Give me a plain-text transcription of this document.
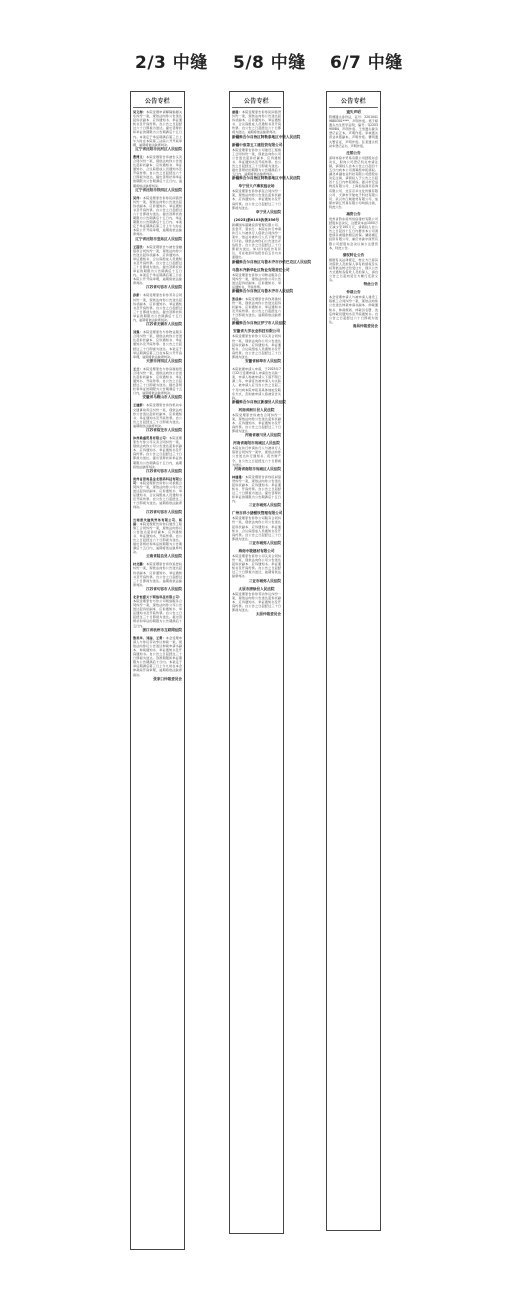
2/3 中缝 5/8 中缝 6/7 中缝
公告专栏
吴文海：本院受理申请解除婚姻关系纠纷一案，现依法向你公告送达起诉状副本、应诉通知书、举证通知书及开庭传票。自公告之日起经过六十日即视为送达。提出答辩状和举证的期限为公告期满后十五日内。本案定于举证期满后第三日上午九时在本院第三法庭公开开庭审理，逾期将依法缺席判决。
辽宁省沈阳市沈河区人民法院
曹博文：本院受理原告诉被告买卖合同纠纷一案，现依法向你公告送达起诉状副本、应诉通知书、举证通知书、合议庭组成人员通知书及开庭传票。自公告之日起经过六十日即视为送达。提出答辩状和举证的期限为公告期满后十五日内，逾期将依法缺席判决。
辽宁省沈阳市铁西区人民法院
吴伟：本院受理原告诉你民间借贷纠纷一案，现依法向你公告送达起诉状副本、应诉通知书、举证通知书及开庭传票。自公告之日起经过六十日即视为送达。提出答辩状的期限为公告期满后十五日内，举证期限为公告期满后十五日内。本案定于举证期满后第三日上午九时在本院公开开庭审理，逾期将依法缺席判决。
辽宁省沈阳市皇姑区人民法院
王国民：本院受理原告与被告金融借款合同纠纷一案，现依法向你公告送达起诉状副本、应诉通知书、举证通知书、合议庭组成人员通知书及开庭传票。自公告之日起经过三十日即视为送达。提出答辩状和举证的期限为公告期满后十五日内。本案定于举证期满后第三日在本院公开开庭审理，逾期将依法缺席判决。
江苏省句容市人民法院
孙新：本院受理原告诉你劳务合同纠纷一案，现依法向你公告送达起诉状副本、应诉通知书、举证通知书及开庭传票。自公告之日起经过三十日即视为送达。提出答辩状和举证的期限为公告期满后十五日内，逾期将依法缺席判决。
江苏省无锡市人民法院
刘强：本院受理原告与你物业服务合同纠纷一案，现依法向你公告送达起诉状副本、应诉通知书、举证通知书及开庭传票。自公告之日起经过三十日即视为送达。本案定于举证期满后第三日在本院公开开庭审理，逾期将依法缺席判决。
天津市河西区人民法院
王兰：本院受理原告与你房屋租赁合同纠纷一案，现依法向你公告送达起诉状副本、应诉通知书、举证通知书、开庭传票。自公告之日起经过三十日即视为送达。提出答辩状和举证的期限为公告期满后十五日内，逾期将依法缺席判决。
安徽省马鞍山市人民法院
王建新：本院受理原告诉你机动车交通事故责任纠纷一案，现依法向你公告送达起诉状副本、应诉通知书、举证通知书及开庭传票。自公告之日起经过三十日即视为送达。逾期将依法缺席判决。
江苏省宿迁市人民法院
沐州鼎盛贸易有限公司：本院受理原告与你公司买卖合同纠纷一案，现依法向你公司公告送达起诉状副本、应诉通知书、举证通知书及开庭传票。自公告之日起经过三十日即视为送达。提出答辩状和举证的期限为公告期满后十五日内，逾期将依法缺席判决。
江苏省句容市人民法院
贵州省思南县金北数码科技有限公司：本院受理原告诉你公司承揽合同纠纷一案，现依法向你公司公告送达起诉状副本、应诉通知书、举证通知书、合议庭组成人员通知书及开庭传票。自公告之日起经过三十日即视为送达。逾期将依法缺席判决。
江苏省句容市人民法院
云南普关建筑劳务有限公司、杨晨：本院受理原告诉你们建设工程施工合同纠纷一案，现依法向你们公告送达起诉状副本、应诉通知书、举证通知书、开庭传票。自公告之日起经过六十日即视为送达。提出答辩状和举证的期限为公告期满后十五日内，逾期将依法缺席判决。
云南省陆良县人民法院
村北鹏：本院受理原告诉你追偿权纠纷一案，现依法向你公告送达起诉状副本、应诉通知书、举证通知书及开庭传票。自公告之日起经过三十日即视为送达。逾期将依法缺席判决。
江苏省句容市人民法院
北京恒源天下网络科技有限公司：本院受理原告与你公司网络服务合同纠纷一案，现依法向你公司公告送达起诉状副本、应诉通知书、举证通知书及开庭传票。自公告之日起经过三十日即视为送达。提出答辩状和举证的期限为公告期满后十五日内。
浙江省杭州市互联网法院
鲁美华、刘丽、王勇：本会受理申请人与你们劳动争议仲裁一案，现依法向你们公告送达仲裁申请书副本、仲裁通知书、举证通知书及开庭通知书。自公告之日起经过三十日即视为送达。答辩期限和举证期限为公告期满后十日内。本案定于举证期满后第三日上午九时在本会仲裁庭开庭审理，逾期将依法缺席裁决。
张家口仲裁委员会
公告专栏
唐雄：本院受理原告诉你民间借贷纠纷一案，现依法向你公告送达起诉状副本、应诉通知书、举证通知书、合议庭组成人员通知书及开庭传票。自公告之日起经过六十日即视为送达。逾期将依法缺席判决。
新疆维吾尔自治区阿勒泰地区中级人民法院
新疆中泉第五工建投资有限公司：
本院受理原告诉你公司建设工程施工合同纠纷一案，现依法向你公司公告送达起诉状副本、应诉通知书、举证通知书及开庭传票。自公告之日起经过三十日即视为送达。提出答辩状的期限为公告期满后十五日内，逾期将依法缺席判决。
新疆维吾尔自治区阿勒泰地区中级人民法院
阜宁县大卢滩家庭农场
本院受理原告诉你承包合同纠纷一案，现依法向你公告送达起诉状副本、应诉通知书、举证通知书及开庭传票。自公告之日起经过三十日即视为送达。
阜宁县人民法院
(2025)新0103执恢356号
新疆国华富隆投资管理有限公司、张金平、蔡永红：本院在执行申请执行人与被执行人借款合同纠纷一案中，依法对被执行人名下财产进行评估，现依法向你们公告送达评估报告。自公告之日起经过三十日即视为送达。如对评估报告有异议，可在收到评估报告后五日内书面提出。
新疆维吾尔自治区乌鲁木齐市沙依巴克区人民法院
乌鲁木齐新华社区物业有限责任公司
本院受理原告诉你公司物业服务合同纠纷一案，现依法向你公司公告送达起诉状副本、应诉通知书、举证通知书、开庭传票。
新疆维吾尔自治区乌鲁木齐市人民法院
张成林：本院受理原告诉你离婚纠纷一案，现依法向你公告送达起诉状副本、应诉通知书、举证通知书及开庭传票。自公告之日起经过六十日即视为送达。逾期将依法缺席判决。
新疆维吾尔自治区伊宁市人民法院
安徽省大学农业科技有限公司
本院受理原告诉你公司买卖合同纠纷一案，现依法向你公司公告送达起诉状副本、应诉通知书、举证通知书、合议庭组成人员通知书及开庭传票。自公告之日起经过三十日即视为送达。
安徽省蚌埠市人民法院
本院依据申请人申请，于2025年7月22日受理申请人申请宣告失踪一案，申请人称被申请人下落不明已满二年，申请宣告被申请人为失踪人。被申请人应当自公告之日起三个月内向本院申报其具体地址及联系方式，否则被申请人将被宣告失踪。
新疆维吾尔自治区新源县人民法院
河南省淅川县人民法院
本院受理原告诉被告合同纠纷一案，现依法向你公告送达起诉状副本、应诉通知书、举证通知书及开庭传票。自公告之日起经过三十日即视为送达。
河南省淅川县人民法院
河南省南阳市宛城区人民法院
本院在执行申请执行人与被执行人借款合同纠纷一案中，现依法向你公告送达执行通知书、报告财产令。自公告之日起经过六十日即视为送达。
河南省南阳市宛城区人民法院
林建雄：本院受理原告诉你民间借贷纠纷一案，现依法向你公告送达起诉状副本、应诉通知书、举证通知书、开庭传票。自公告之日起经过三十日即视为送达。提出答辩状和举证的期限为公告期满后十五日内。
三亚市城郊人民法院
广州吉祥小猪餐饮管理有限公司
本院受理原告诉你公司服务合同纠纷一案，现依法向你公司公告送达起诉状副本、应诉通知书、举证通知书、合议庭组成人员通知书及开庭传票。自公告之日起经过三十日即视为送达。
三亚市城郊人民法院
海南中骏建材有限公司
本院受理原告诉你公司买卖合同纠纷一案，现依法向你公司公告送达起诉状副本、应诉通知书、举证通知书及开庭传票。自公告之日起经过三十日即视为送达，逾期将依法缺席判决。
三亚市城郊人民法院
太原市清徐县人民法院
本院受理原告诉你劳动争议纠纷一案，现依法向你公告送达起诉状副本、应诉通知书、举证通知书及开庭传票。自公告之日起经过三十日即视为送达。
太原仲裁委员会
公告专栏
遗失声明
陈娜遗失身份证，证号：22010419880301****，声明作废。郑子婷遗失出生医学证明，编号：Q220390084，声明作废。王雪遗失税务登记证正本，声明作废。李林遗失营业执照副本，声明作废。曹明遗失警官证，声明作废。张某遗失机动车登记证书，声明作废。
注销公告
深圳市鼎丰贸易有限公司经股东会决议，拟向公司登记机关申请注销，请债权人自本公告之日起四十五日内向本公司清算组申报债权。湖北卓越农业科技有限公司经股东决定注销，请债权人于公告之日起四十五日内申报债权。嘉兴市宏远物流有限公司、上海恒信商务咨询有限公司、北京京华文化传媒有限公司、天津市宇航电子科技有限公司、武汉市江城建材有限公司、成都市锦江贸易有限公司均拟注销，特此公告。
减资公告
贵州省黔东南州恒信建材有限公司经股东会决议，注册资本由1000万元减少至100万元，请债权人自公告之日起四十五日内要求本公司清偿债务或提供相应担保。湖南湘江投资有限公司、重庆市渝中商贸有限公司经股东会决议减少注册资本，特此公告。
债权转让公告
根据有关法律规定，转让方已将其对借款人及担保人享有的债权及从权利依法转让给受让方，现以公告方式通知各借款人及担保人，请自公告之日起向受让方履行还款义务。
特此公告
仲裁公告
本会受理申请人与被申请人建设工程施工合同纠纷一案，现依法向你公告送达仲裁申请书副本、仲裁通知书、仲裁规则、仲裁员名册、选定仲裁员通知书及开庭通知书。自公告之日起经过六十日即视为送达。
南昌仲裁委员会
